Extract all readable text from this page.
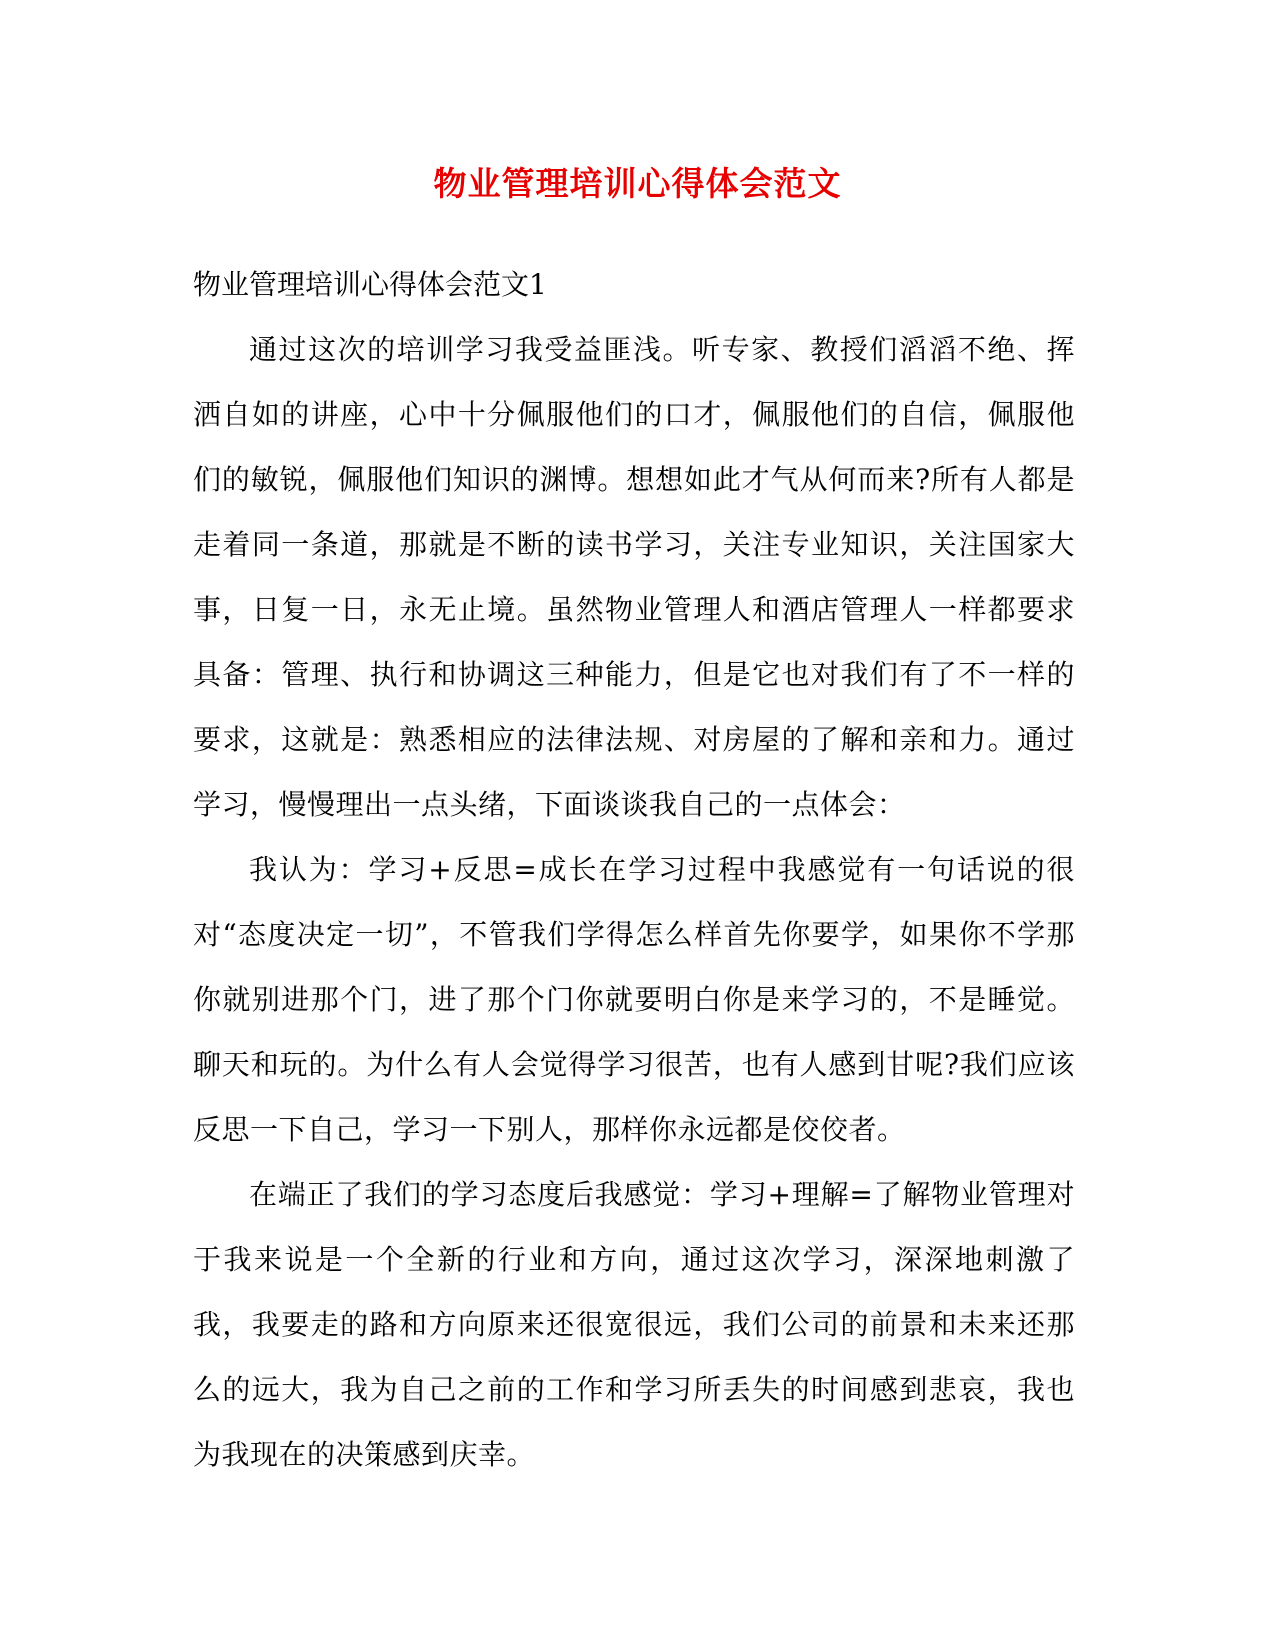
物业管理培训心得体会范文

物业管理培训心得体会范文1

通过这次的培训学习我受益匪浅。听专家、教授们滔滔不绝、挥洒自如的讲座，心中十分佩服他们的口才，佩服他们的自信，佩服他们的敏锐，佩服他们知识的渊博。想想如此才气从何而来?所有人都是走着同一条道，那就是不断的读书学习，关注专业知识，关注国家大事，日复一日，永无止境。虽然物业管理人和酒店管理人一样都要求具备：管理、执行和协调这三种能力，但是它也对我们有了不一样的要求，这就是：熟悉相应的法律法规、对房屋的了解和亲和力。通过学习，慢慢理出一点头绪，下面谈谈我自己的一点体会：

我认为：学习+反思=成长在学习过程中我感觉有一句话说的很对“态度决定一切”，不管我们学得怎么样首先你要学，如果你不学那你就别进那个门，进了那个门你就要明白你是来学习的，不是睡觉。聊天和玩的。为什么有人会觉得学习很苦，也有人感到甘呢?我们应该反思一下自己，学习一下别人，那样你永远都是佼佼者。

在端正了我们的学习态度后我感觉：学习+理解=了解物业管理对于我来说是一个全新的行业和方向，通过这次学习，深深地刺激了我，我要走的路和方向原来还很宽很远，我们公司的前景和未来还那么的远大，我为自己之前的工作和学习所丢失的时间感到悲哀，我也为我现在的决策感到庆幸。
